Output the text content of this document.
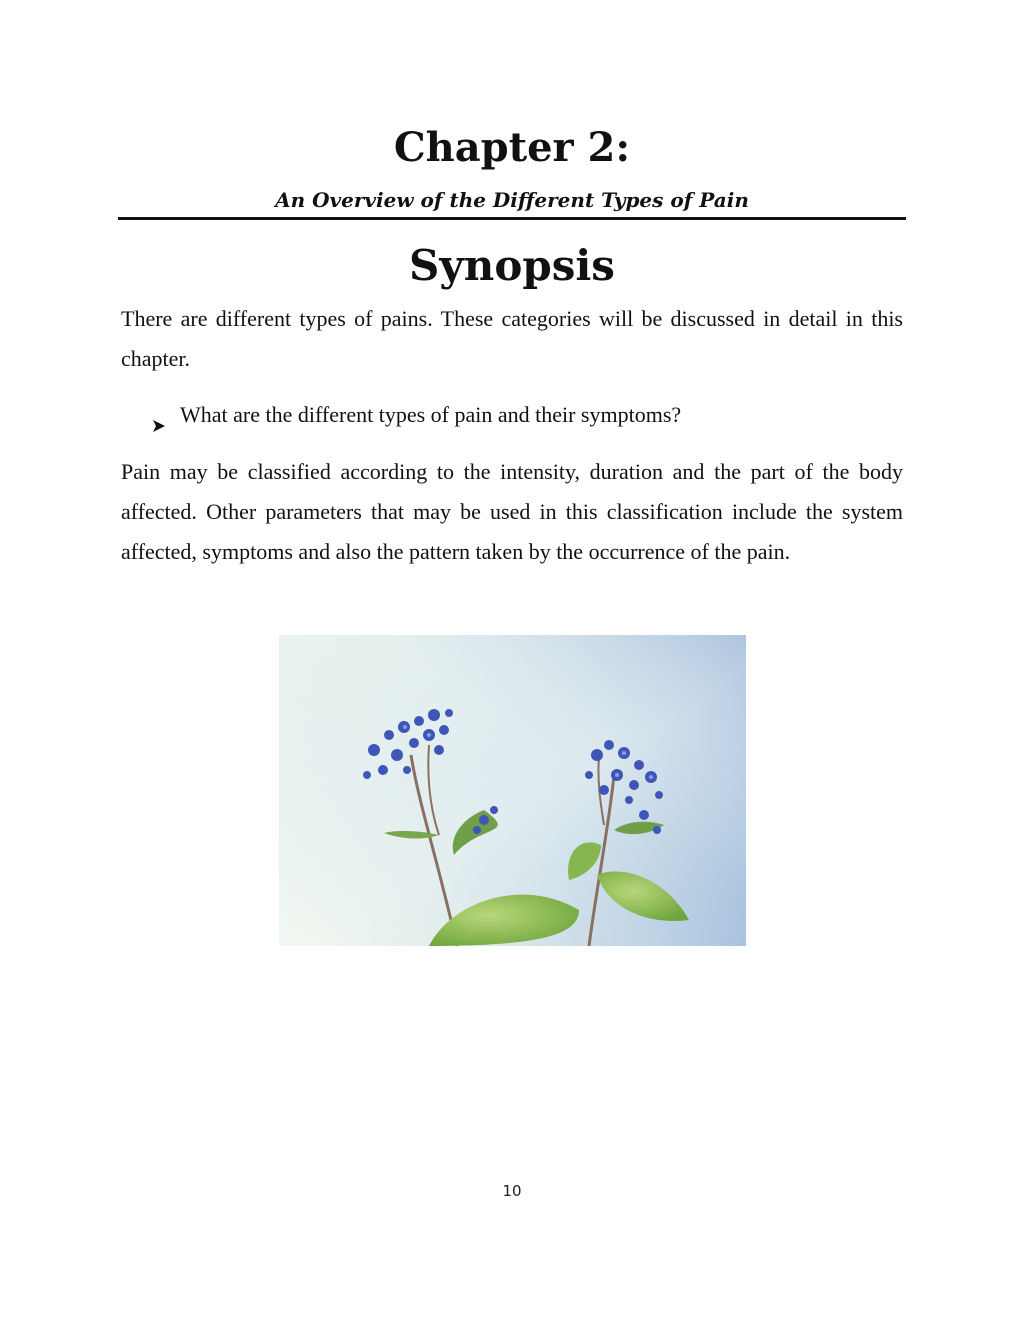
Chapter 2:
An Overview of the Different Types of Pain
Synopsis

There are different types of pains. These categories will be discussed in detail in this chapter.

What are the different types of pain and their symptoms?

Pain may be classified according to the intensity, duration and the part of the body affected. Other parameters that may be used in this classification include the system affected, symptoms and also the pattern taken by the occurrence of the pain.

10
